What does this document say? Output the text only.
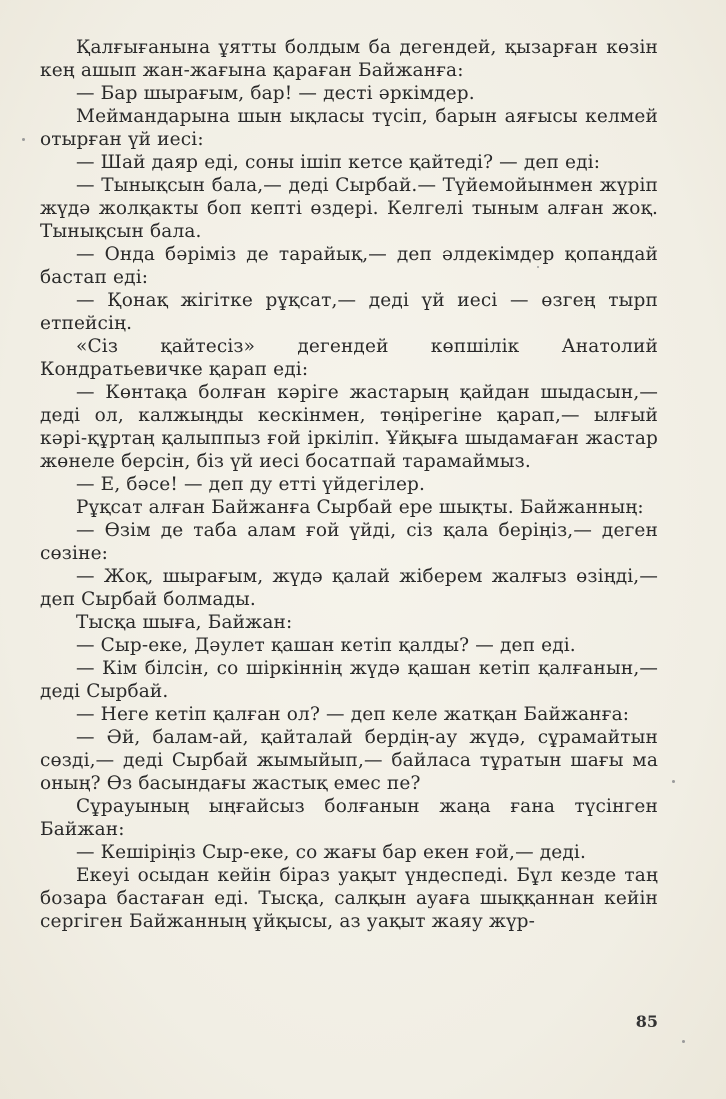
Қалғығанына ұятты болдым ба дегендей, қызарған көзін кең ашып жан-жағына қараған Байжанға:

— Бар шырағым, бар! — десті әркімдер.

Меймандарына шын ықласы түсіп, барын аяғысы келмей отырған үй иесі:

— Шай даяр еді, соны ішіп кетсе қайтеді? — деп еді:

— Тынықсын бала,— деді Сырбай.— Түйемойынмен жүріп жүдә жолқакты боп кепті өздері. Келгелі тыным алған жоқ. Тынықсын бала.

— Онда бәріміз де тарайық,— деп әлдекімдер қопаңдай бастап еді:

— Қонақ жігітке рұқсат,— деді үй иесі — өзгең тырп етпейсің.

«Сіз қайтесіз» дегендей көпшілік Анатолий Кондратьевичке қарап еді:

— Көнтақа болған кәріге жастарың қайдан шыдасын,— деді ол, калжыңды кескінмен, төңірегіне қарап,— ылғый кәрі-құртаң қалыппыз ғой іркіліп. Ұйқыға шыдамаған жастар жөнеле берсін, біз үй иесі босатпай тарамаймыз.

— Е, бәсе! — деп ду етті үйдегілер.

Рұқсат алған Байжанға Сырбай ере шықты. Байжанның:

— Өзім де таба алам ғой үйді, сіз қала беріңіз,— деген сөзіне:

— Жоқ, шырағым, жүдә қалай жіберем жалғыз өзіңді,— деп Сырбай болмады.

Тысқа шыға, Байжан:

— Сыр-еке, Дәулет қашан кетіп қалды? — деп еді.

— Кім білсін, со шіркіннің жүдә қашан кетіп қалғанын,— деді Сырбай.

— Неге кетіп қалған ол? — деп келе жатқан Байжанға:

— Әй, балам-ай, қайталай бердің-ау жүдә, сұрамайтын сөзді,— деді Сырбай жымыйып,— байласа тұратын шағы ма оның? Өз басындағы жастық емес пе?

Сұрауының ыңғайсыз болғанын жаңа ғана түсінген Байжан:

— Кешіріңіз Сыр-еке, со жағы бар екен ғой,— деді.

Екеуі осыдан кейін біраз уақыт үндеспеді. Бұл кезде таң бозара бастаған еді. Тысқа, салқын ауаға шыққаннан кейін сергіген Байжанның ұйқысы, аз уақыт жаяу жүр-

85
